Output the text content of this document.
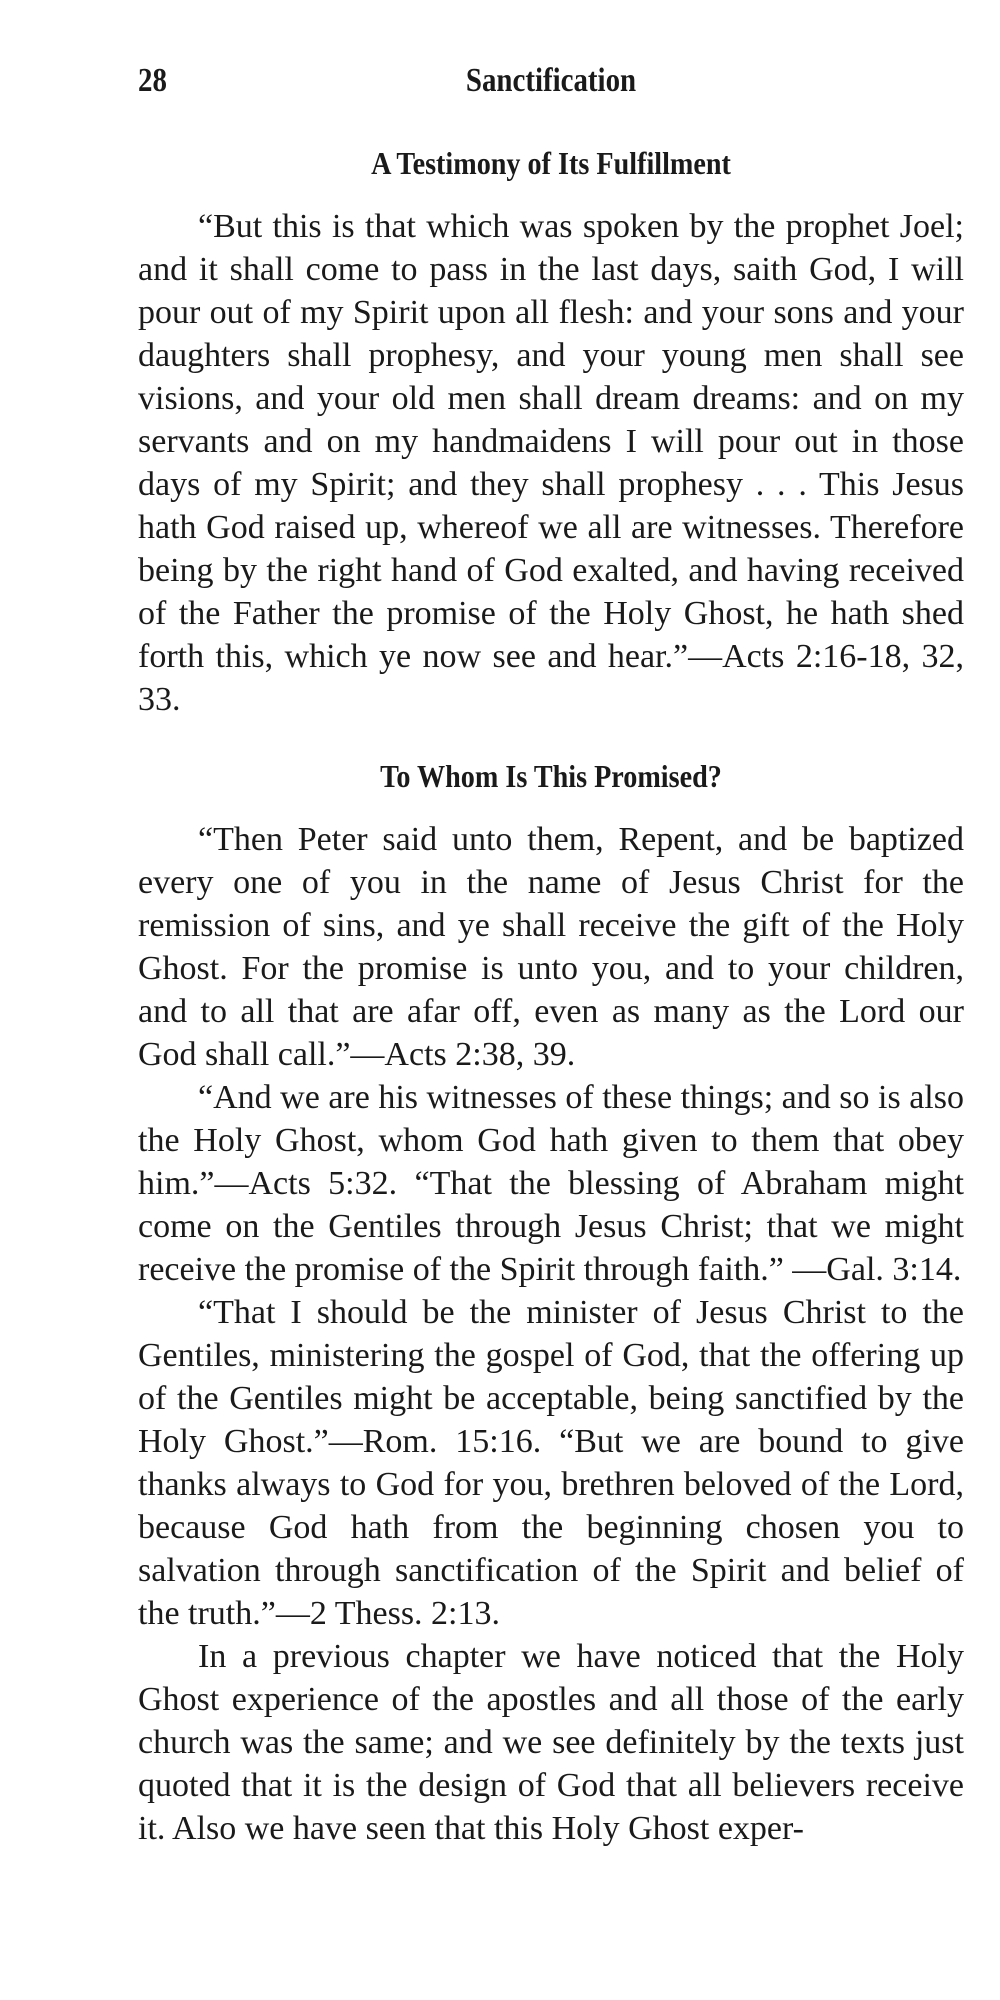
28	Sanctification
A Testimony of Its Fulfillment

“But this is that which was spoken by the prophet Joel; and it shall come to pass in the last days, saith God, I will pour out of my Spirit upon all flesh: and your sons and your daughters shall prophesy, and your young men shall see visions, and your old men shall dream dreams: and on my servants and on my handmaidens I will pour out in those days of my Spirit; and they shall prophesy . . . This Jesus hath God raised up, whereof we all are witnesses. Therefore being by the right hand of God exalted, and having received of the Father the promise of the Holy Ghost, he hath shed forth this, which ye now see and hear.”—Acts 2:16-18, 32, 33.

To Whom Is This Promised?

“Then Peter said unto them, Repent, and be baptized every one of you in the name of Jesus Christ for the remission of sins, and ye shall receive the gift of the Holy Ghost. For the promise is unto you, and to your children, and to all that are afar off, even as many as the Lord our God shall call.”—Acts 2:38, 39.

“And we are his witnesses of these things; and so is also the Holy Ghost, whom God hath given to them that obey him.”—Acts 5:32. “That the blessing of Abraham might come on the Gentiles through Jesus Christ; that we might receive the promise of the Spirit through faith.” —Gal. 3:14.

“That I should be the minister of Jesus Christ to the Gentiles, ministering the gospel of God, that the offering up of the Gentiles might be acceptable, being sanctified by the Holy Ghost.”—Rom. 15:16. “But we are bound to give thanks always to God for you, brethren beloved of the Lord, because God hath from the beginning chosen you to salvation through sanctification of the Spirit and belief of the truth.”—2 Thess. 2:13.

In a previous chapter we have noticed that the Holy Ghost experience of the apostles and all those of the early church was the same; and we see definitely by the texts just quoted that it is the design of God that all believers receive it. Also we have seen that this Holy Ghost exper-
